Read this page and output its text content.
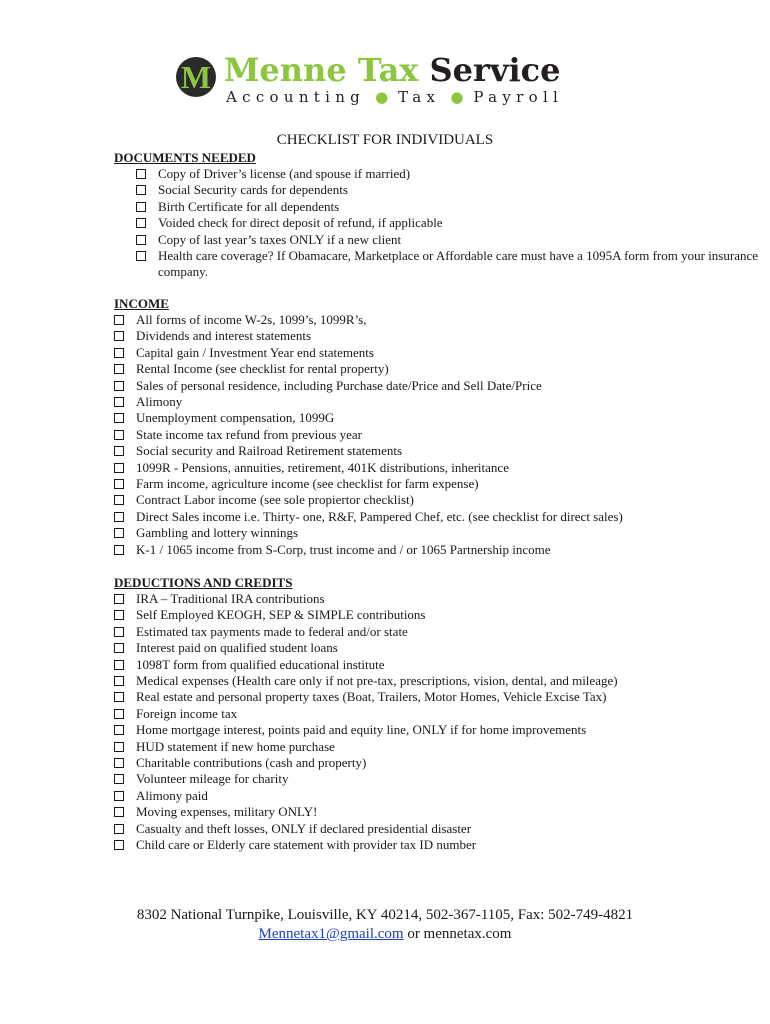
M Menne Tax Service
Accounting ● Tax ● Payroll
CHECKLIST FOR INDIVIDUALS
DOCUMENTS NEEDED
Copy of Driver’s license (and spouse if married)
Social Security cards for dependents
Birth Certificate for all dependents
Voided check for direct deposit of refund, if applicable
Copy of last year’s taxes ONLY if a new client
Health care coverage? If Obamacare, Marketplace or Affordable care must have a 1095A form from your insurance company.
INCOME
All forms of income W-2s, 1099’s, 1099R’s,
Dividends and interest statements
Capital gain / Investment Year end statements
Rental Income (see checklist for rental property)
Sales of personal residence, including Purchase date/Price and Sell Date/Price
Alimony
Unemployment compensation, 1099G
State income tax refund from previous year
Social security and Railroad Retirement statements
1099R - Pensions, annuities, retirement, 401K distributions, inheritance
Farm income, agriculture income (see checklist for farm expense)
Contract Labor income (see sole propiertor checklist)
Direct Sales income i.e. Thirty- one, R&F, Pampered Chef, etc. (see checklist for direct sales)
Gambling and lottery winnings
K-1 / 1065 income from S-Corp, trust income and / or 1065 Partnership income
DEDUCTIONS AND CREDITS
IRA – Traditional IRA contributions
Self Employed KEOGH, SEP & SIMPLE contributions
Estimated tax payments made to federal and/or state
Interest paid on qualified student loans
1098T form from qualified educational institute
Medical expenses (Health care only if not pre-tax, prescriptions, vision, dental, and mileage)
Real estate and personal property taxes (Boat, Trailers, Motor Homes, Vehicle Excise Tax)
Foreign income tax
Home mortgage interest, points paid and equity line, ONLY if for home improvements
HUD statement if new home purchase
Charitable contributions (cash and property)
Volunteer mileage for charity
Alimony paid
Moving expenses, military ONLY!
Casualty and theft losses, ONLY if declared presidential disaster
Child care or Elderly care statement with provider tax ID number
8302 National Turnpike, Louisville, KY 40214, 502-367-1105, Fax: 502-749-4821
Mennetax1@gmail.com or mennetax.com
